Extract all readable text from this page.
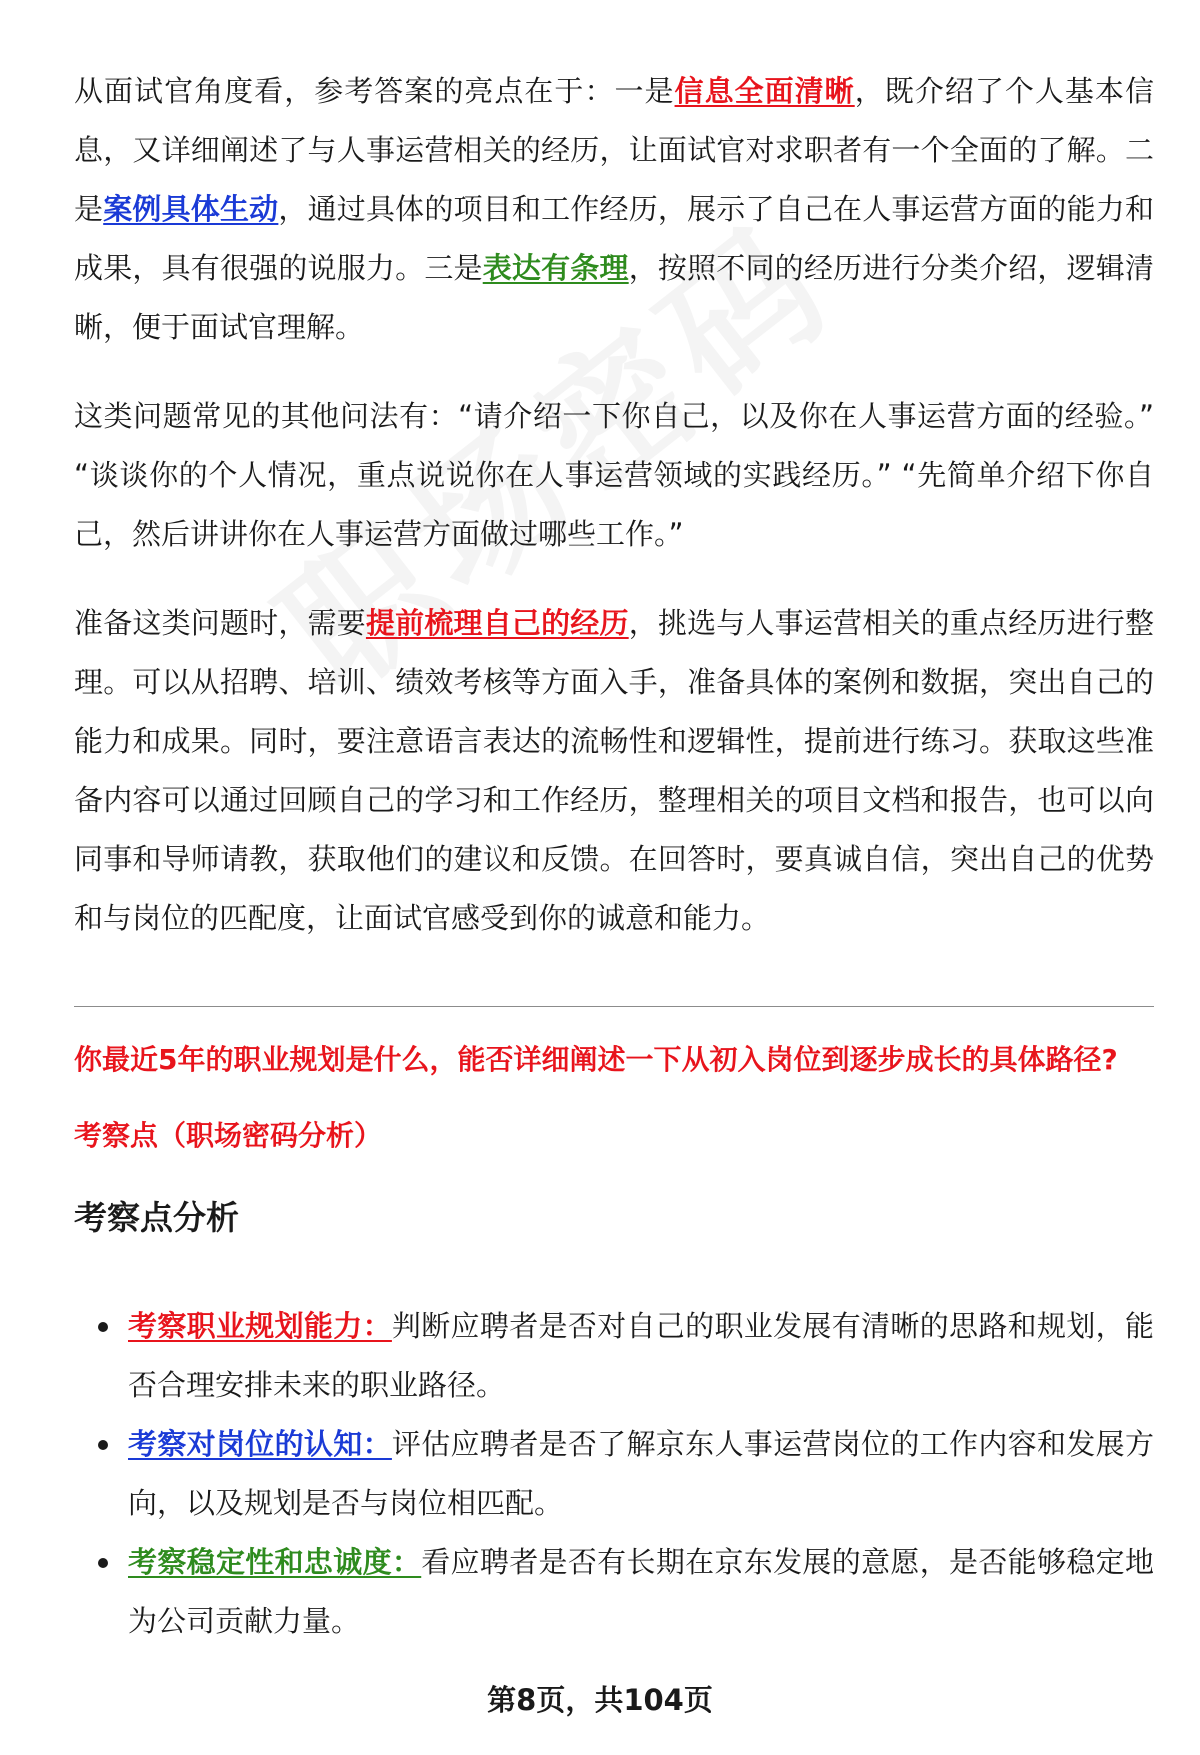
从面试官角度看，参考答案的亮点在于：一是信息全面清晰，既介绍了个人基本信息，又详细阐述了与人事运营相关的经历，让面试官对求职者有一个全面的了解。二是案例具体生动，通过具体的项目和工作经历，展示了自己在人事运营方面的能力和成果，具有很强的说服力。三是表达有条理，按照不同的经历进行分类介绍，逻辑清晰，便于面试官理解。

这类问题常见的其他问法有：“请介绍一下你自己，以及你在人事运营方面的经验。” “谈谈你的个人情况，重点说说你在人事运营领域的实践经历。” “先简单介绍下你自己，然后讲讲你在人事运营方面做过哪些工作。”

准备这类问题时，需要提前梳理自己的经历，挑选与人事运营相关的重点经历进行整理。可以从招聘、培训、绩效考核等方面入手，准备具体的案例和数据，突出自己的能力和成果。同时，要注意语言表达的流畅性和逻辑性，提前进行练习。获取这些准备内容可以通过回顾自己的学习和工作经历，整理相关的项目文档和报告，也可以向同事和导师请教，获取他们的建议和反馈。在回答时，要真诚自信，突出自己的优势和与岗位的匹配度，让面试官感受到你的诚意和能力。

你最近5年的职业规划是什么，能否详细阐述一下从初入岗位到逐步成长的具体路径?
考察点（职场密码分析）
考察点分析
考察职业规划能力：判断应聘者是否对自己的职业发展有清晰的思路和规划，能否合理安排未来的职业路径。
考察对岗位的认知：评估应聘者是否了解京东人事运营岗位的工作内容和发展方向，以及规划是否与岗位相匹配。
考察稳定性和忠诚度：看应聘者是否有长期在京东发展的意愿，是否能够稳定地为公司贡献力量。
第8页，共104页
